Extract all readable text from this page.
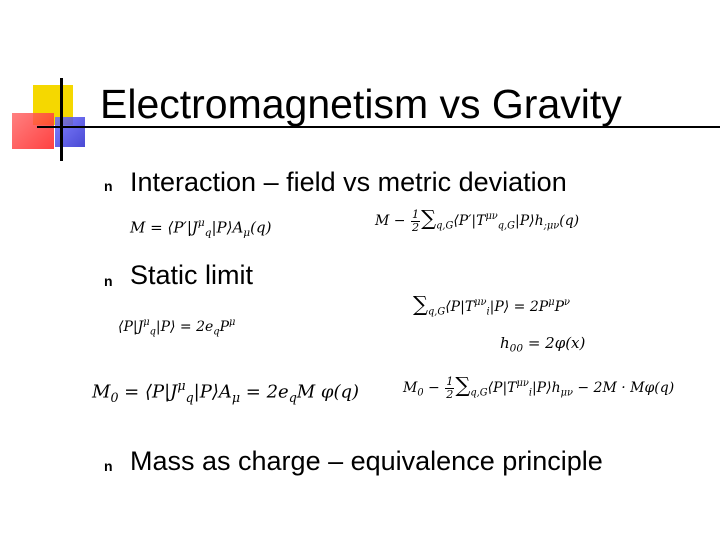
Electromagnetism vs Gravity
n Interaction – field vs metric deviation
$M = ⟨P'|J^\mu_q|P⟩A_\mu(q)$	$M - \frac{1}{2}$ $\sum_{q,G}⟨P'|T^{\mu\nu}_{q,G}|P⟩h_{;\mu\nu}(q)$
n Static limit
$\sum_{q,G}⟨P|T^{\mu\nu}_i|P⟩ = 2P^\mu P^\nu$
$⟨P|J^\mu_q|P⟩ = 2e_qP^\mu$
$h_{00} = 2\varphi(x)$
$M_0$ = $⟨P|J^\mu_q|P⟩A_\mu = 2e_qM$ φ(q)	$M_0 - \frac{1}{2}$ $\sum_{q,G}⟨P|T^{\mu\nu}_i|P⟩h_{\mu\nu} - 2M \cdot M\varphi(q)$
n Mass as charge – equivalence principle
